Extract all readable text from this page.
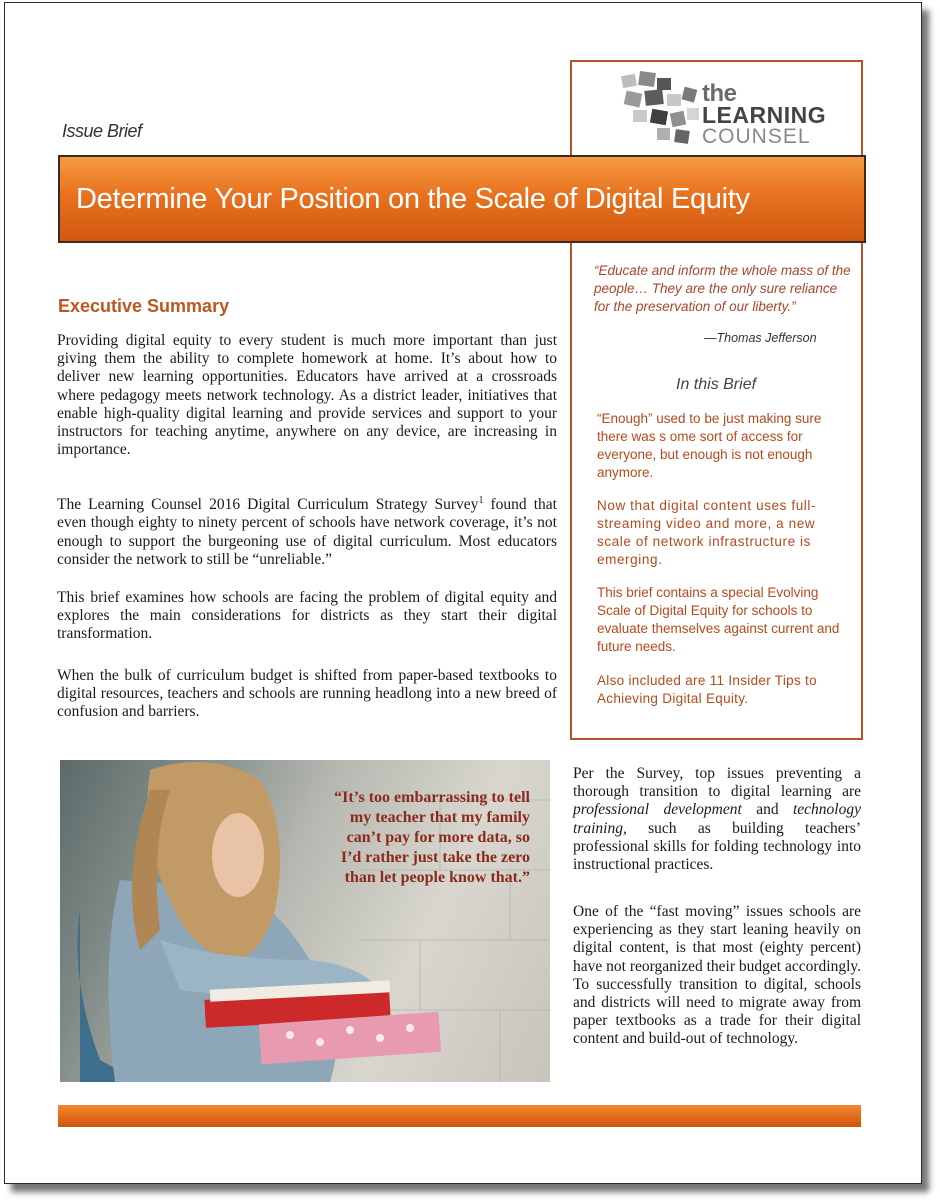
the
LEARNING
COUNSEL
Issue Brief
Determine Your Position on the Scale of Digital Equity
“Educate and inform the whole mass of the people… They are the only sure reliance for the preservation of our liberty.”
—Thomas Jefferson
In this Brief
“Enough” used to be just making sure there was s ome sort of access for everyone, but enough is not enough anymore.
Now that digital content uses full-streaming video and more, a new scale of network infrastructure is emerging.
This brief contains a special Evolving Scale of Digital Equity for schools to evaluate themselves against current and future needs.
Also included are 11 Insider Tips to Achieving Digital Equity.
Executive Summary
Providing digital equity to every student is much more important than just giving them the ability to complete homework at home. It’s about how to deliver new learning opportunities. Educators have arrived at a crossroads where pedagogy meets network technology. As a district leader, initiatives that enable high-quality digital learning and provide services and support to your instructors for teaching anytime, anywhere on any device, are increasing in importance.
The Learning Counsel 2016 Digital Curriculum Strategy Survey$^1$ found that even though eighty to ninety percent of schools have network coverage, it’s not enough to support the burgeoning use of digital curriculum. Most educators consider the network to still be “unreliable.”
This brief examines how schools are facing the problem of digital equity and explores the main considerations for districts as they start their digital transformation.
When the bulk of curriculum budget is shifted from paper-based textbooks to digital resources, teachers and schools are running headlong into a new breed of confusion and barriers.
“It’s too embarrassing to tell my teacher that my family can’t pay for more data, so I’d rather just take the zero than let people know that.”
Per the Survey, top issues preventing a thorough transition to digital learning are professional development and technology training, such as building teachers’ professional skills for folding technology into instructional practices.
One of the “fast moving” issues schools are experiencing as they start leaning heavily on digital content, is that most (eighty percent) have not reorganized their budget accordingly. To successfully transition to digital, schools and districts will need to migrate away from paper textbooks as a trade for their digital content and build-out of technology.
